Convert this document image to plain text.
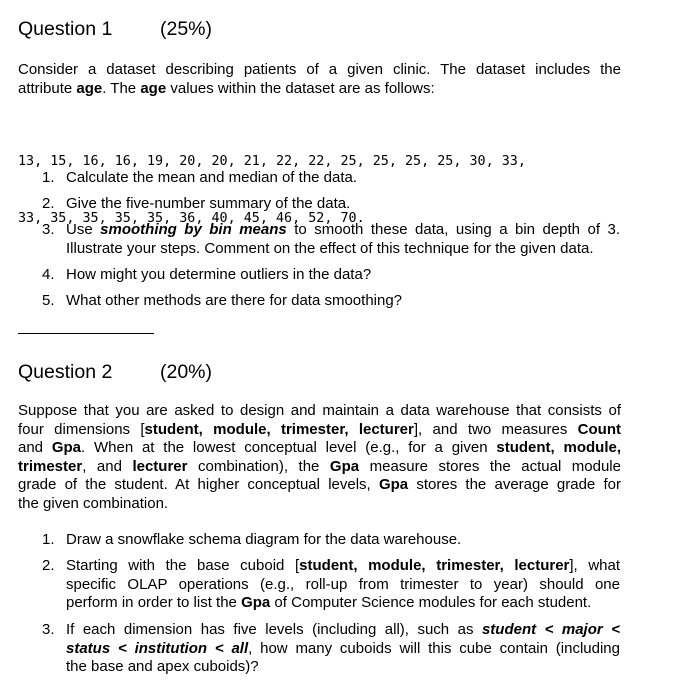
Question 1 (25%)
Consider a dataset describing patients of a given clinic. The dataset includes the
attribute age. The age values within the dataset are as follows:

13, 15, 16, 16, 19, 20, 20, 21, 22, 22, 25, 25, 25, 25, 30, 33,

33, 35, 35, 35, 35, 36, 40, 45, 46, 52, 70.

1. Calculate the mean and median of the data.
2. Give the five-number summary of the data.
3. Use smoothing by bin means to smooth these data, using a bin depth of 3.
Illustrate your steps. Comment on the effect of this technique for the given data.
4. How might you determine outliers in the data?
5. What other methods are there for data smoothing?
Question 2 (20%)
Suppose that you are asked to design and maintain a data warehouse that consists of
four dimensions [student, module, trimester, lecturer], and two measures Count
and Gpa. When at the lowest conceptual level (e.g., for a given student, module,
trimester, and lecturer combination), the Gpa measure stores the actual module
grade of the student. At higher conceptual levels, Gpa stores the average grade for
the given combination.
1. Draw a snowflake schema diagram for the data warehouse.
2. Starting with the base cuboid [student, module, trimester, lecturer], what
specific OLAP operations (e.g., roll-up from trimester to year) should one
perform in order to list the Gpa of Computer Science modules for each student.
3. If each dimension has five levels (including all), such as student < major <
status < institution < all, how many cuboids will this cube contain (including
the base and apex cuboids)?
